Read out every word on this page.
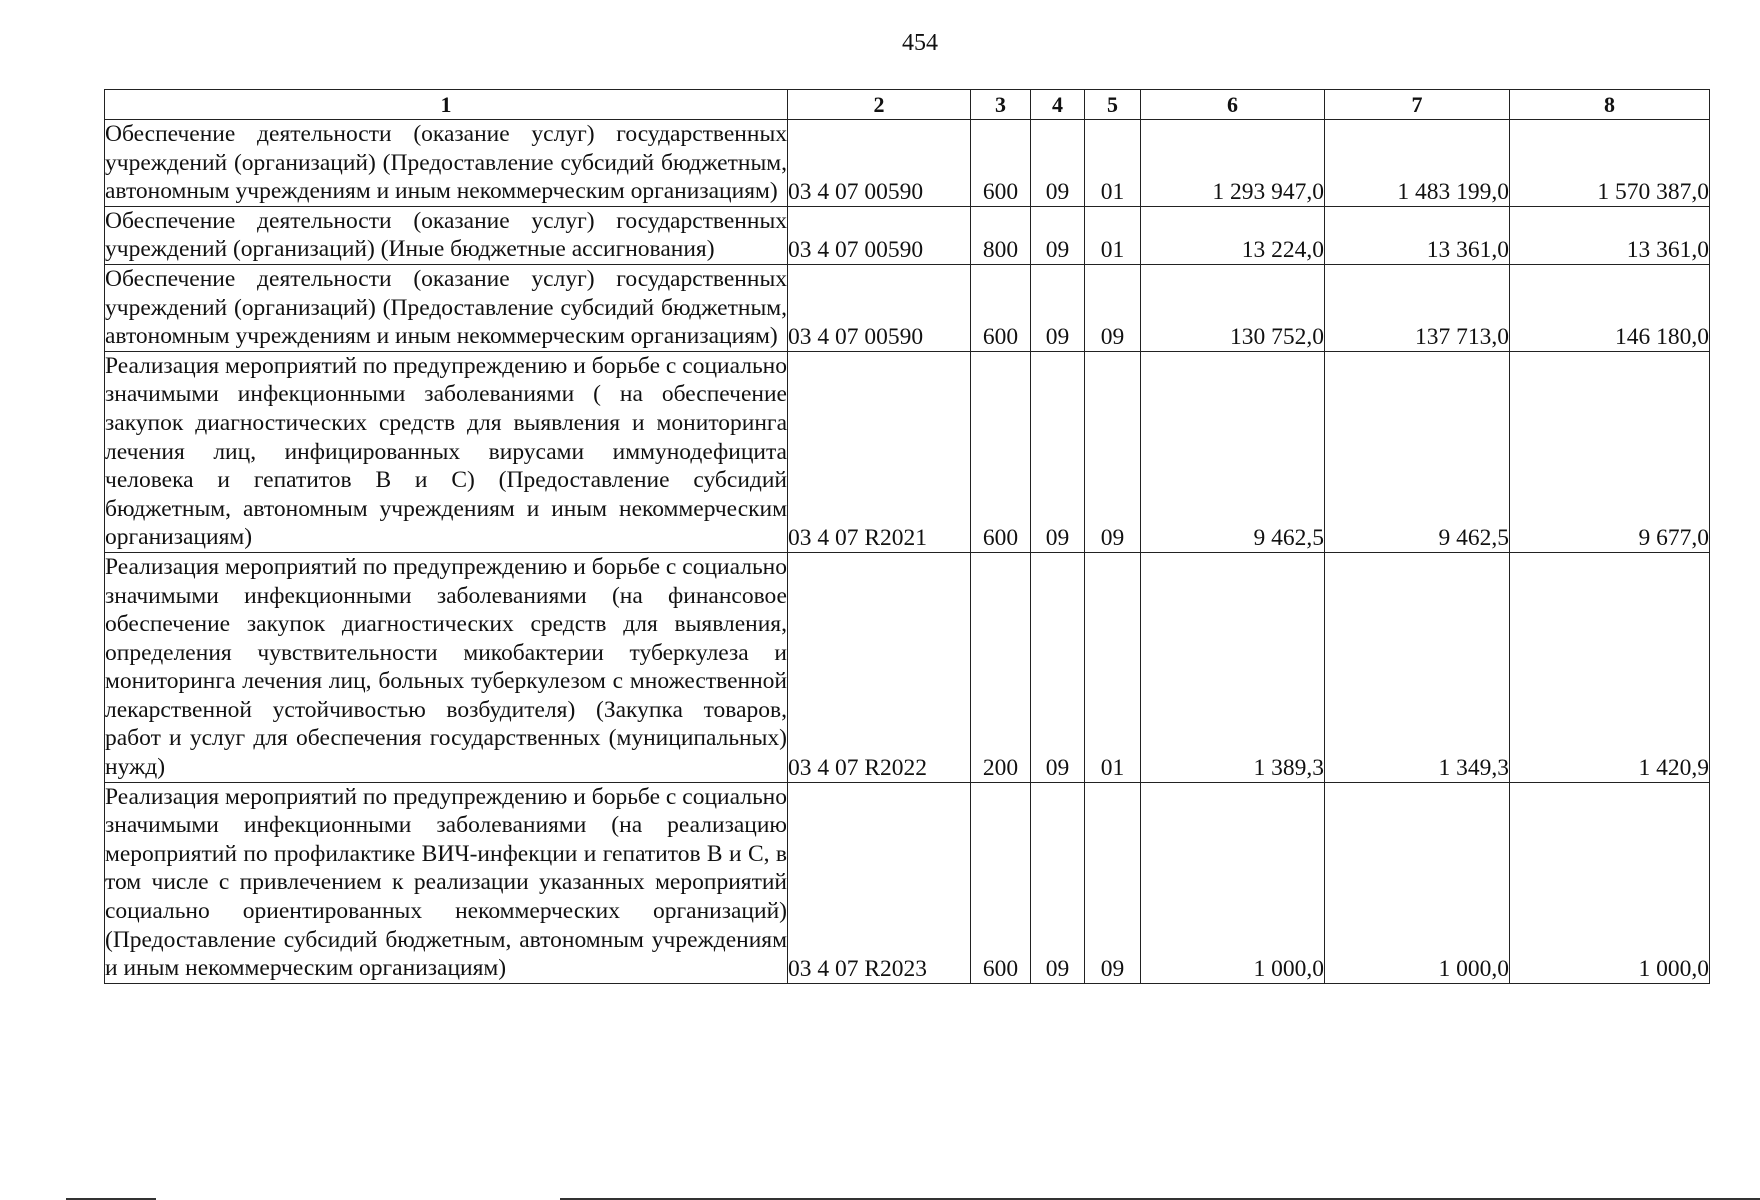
454
1	2	3	4	5	6	7	8
Обеспечение деятельности (оказание услуг) государственных учреждений (организаций) (Предоставление субсидий бюджетным, автономным учреждениям и иным некоммерческим организациям)	03 4 07 00590	600	09	01	1 293 947,0	1 483 199,0	1 570 387,0
Обеспечение деятельности (оказание услуг) государственных учреждений (организаций) (Иные бюджетные ассигнования)	03 4 07 00590	800	09	01	13 224,0	13 361,0	13 361,0
Обеспечение деятельности (оказание услуг) государственных учреждений (организаций) (Предоставление субсидий бюджетным, автономным учреждениям и иным некоммерческим организациям)	03 4 07 00590	600	09	09	130 752,0	137 713,0	146 180,0
Реализация мероприятий по предупреждению и борьбе с социально значимыми инфекционными заболеваниями ( на обеспечение закупок диагностических средств для выявления и мониторинга лечения лиц, инфицированных вирусами иммунодефицита человека и гепатитов В и С) (Предоставление субсидий бюджетным, автономным учреждениям и иным некоммерческим организациям)	03 4 07 R2021	600	09	09	9 462,5	9 462,5	9 677,0
Реализация мероприятий по предупреждению и борьбе с социально значимыми инфекционными заболеваниями (на финансовое обеспечение закупок диагностических средств для выявления, определения чувствительности микобактерии туберкулеза и мониторинга лечения лиц, больных туберкулезом с множественной лекарственной устойчивостью возбудителя) (Закупка товаров, работ и услуг для обеспечения государственных (муниципальных) нужд)	03 4 07 R2022	200	09	01	1 389,3	1 349,3	1 420,9
Реализация мероприятий по предупреждению и борьбе с социально значимыми инфекционными заболеваниями (на реализацию мероприятий по профилактике ВИЧ-инфекции и гепатитов В и С, в том числе с привлечением к реализации указанных мероприятий социально ориентированных некоммерческих организаций) (Предоставление субсидий бюджетным, автономным учреждениям и иным некоммерческим организациям)	03 4 07 R2023	600	09	09	1 000,0	1 000,0	1 000,0
